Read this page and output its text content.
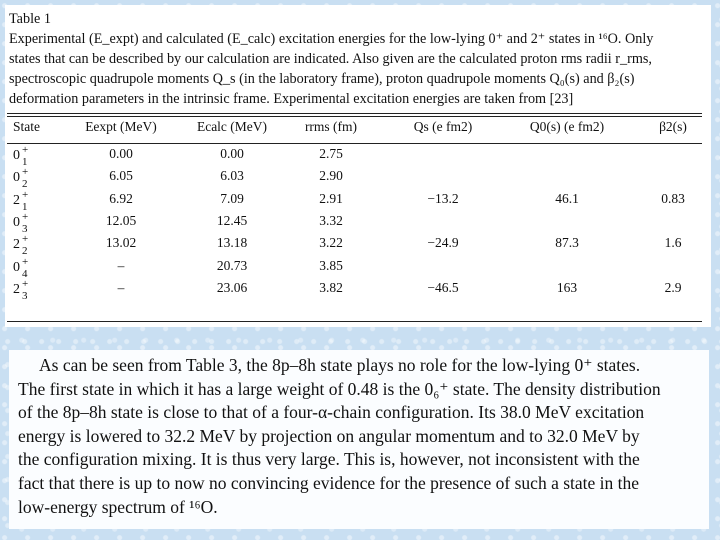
Table 1

Experimental (E_expt) and calculated (E_calc) excitation energies for the low-lying 0⁺ and 2⁺ states in ¹⁶O. Only

states that can be described by our calculation are indicated. Also given are the calculated proton rms radii r_rms,

spectroscopic quadrupole moments Q_s (in the laboratory frame), proton quadrupole moments Q₀(s) and β₂(s)

deformation parameters in the intrinsic frame. Experimental excitation energies are taken from [23]

State	Eexpt (MeV)	Ecalc (MeV)	rrms (fm)	Qs (e fm2)	Q0(s) (e fm2)	β2(s)
0 +
1
0.00	0.00	2.75
0 +
2
6.05	6.03	2.90
2 +
1
6.92	7.09	2.91	−13.2	46.1	0.83
0 +
3
12.05	12.45	3.32
2 +
2
13.02	13.18	3.22	−24.9	87.3	1.6
0 +
4
–	20.73	3.85
2 +
3
–	23.06	3.82	−46.5	163	2.9

As can be seen from Table 3, the 8p–8h state plays no role for the low-lying 0⁺ states.

The first state in which it has a large weight of 0.48 is the 0₆⁺ state. The density distribution

of the 8p–8h state is close to that of a four-α-chain configuration. Its 38.0 MeV excitation

energy is lowered to 32.2 MeV by projection on angular momentum and to 32.0 MeV by

the configuration mixing. It is thus very large. This is, however, not inconsistent with the

fact that there is up to now no convincing evidence for the presence of such a state in the

low-energy spectrum of ¹⁶O.
